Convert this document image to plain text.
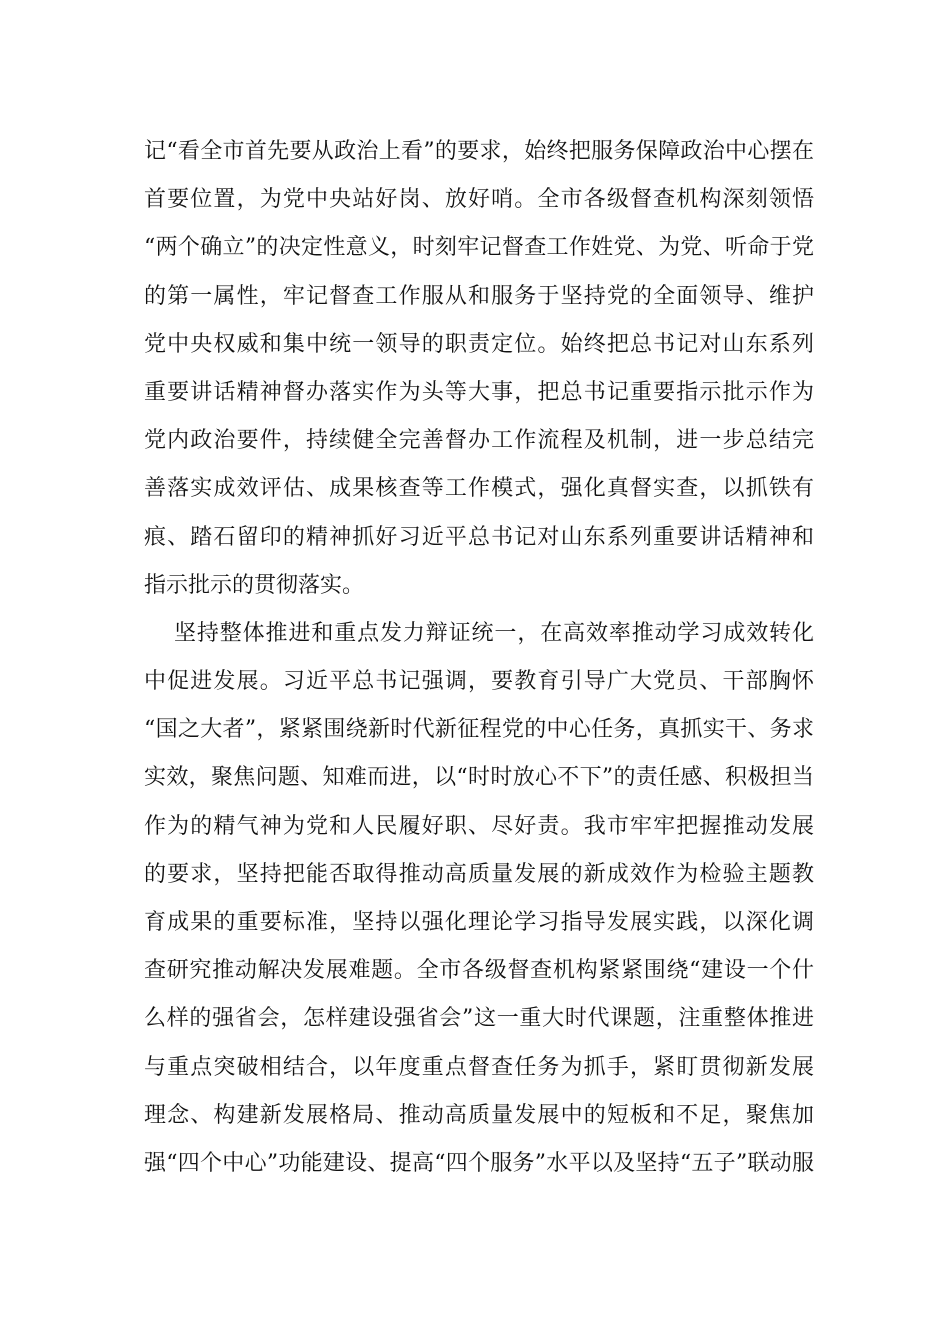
记“看全市首先要从政治上看”的要求，始终把服务保障政治中心摆在
首要位置，为党中央站好岗、放好哨。全市各级督查机构深刻领悟
“两个确立”的决定性意义，时刻牢记督查工作姓党、为党、听命于党
的第一属性，牢记督查工作服从和服务于坚持党的全面领导、维护
党中央权威和集中统一领导的职责定位。始终把总书记对山东系列
重要讲话精神督办落实作为头等大事，把总书记重要指示批示作为
党内政治要件，持续健全完善督办工作流程及机制，进一步总结完
善落实成效评估、成果核查等工作模式，强化真督实查，以抓铁有
痕、踏石留印的精神抓好习近平总书记对山东系列重要讲话精神和
指示批示的贯彻落实。
坚持整体推进和重点发力辩证统一，在高效率推动学习成效转化
中促进发展。习近平总书记强调，要教育引导广大党员、干部胸怀
“国之大者”，紧紧围绕新时代新征程党的中心任务，真抓实干、务求
实效，聚焦问题、知难而进，以“时时放心不下”的责任感、积极担当
作为的精气神为党和人民履好职、尽好责。我市牢牢把握推动发展
的要求，坚持把能否取得推动高质量发展的新成效作为检验主题教
育成果的重要标准，坚持以强化理论学习指导发展实践，以深化调
查研究推动解决发展难题。全市各级督查机构紧紧围绕“建设一个什
么样的强省会，怎样建设强省会”这一重大时代课题，注重整体推进
与重点突破相结合，以年度重点督查任务为抓手，紧盯贯彻新发展
理念、构建新发展格局、推动高质量发展中的短板和不足，聚焦加
强“四个中心”功能建设、提高“四个服务”水平以及坚持“五子”联动服
